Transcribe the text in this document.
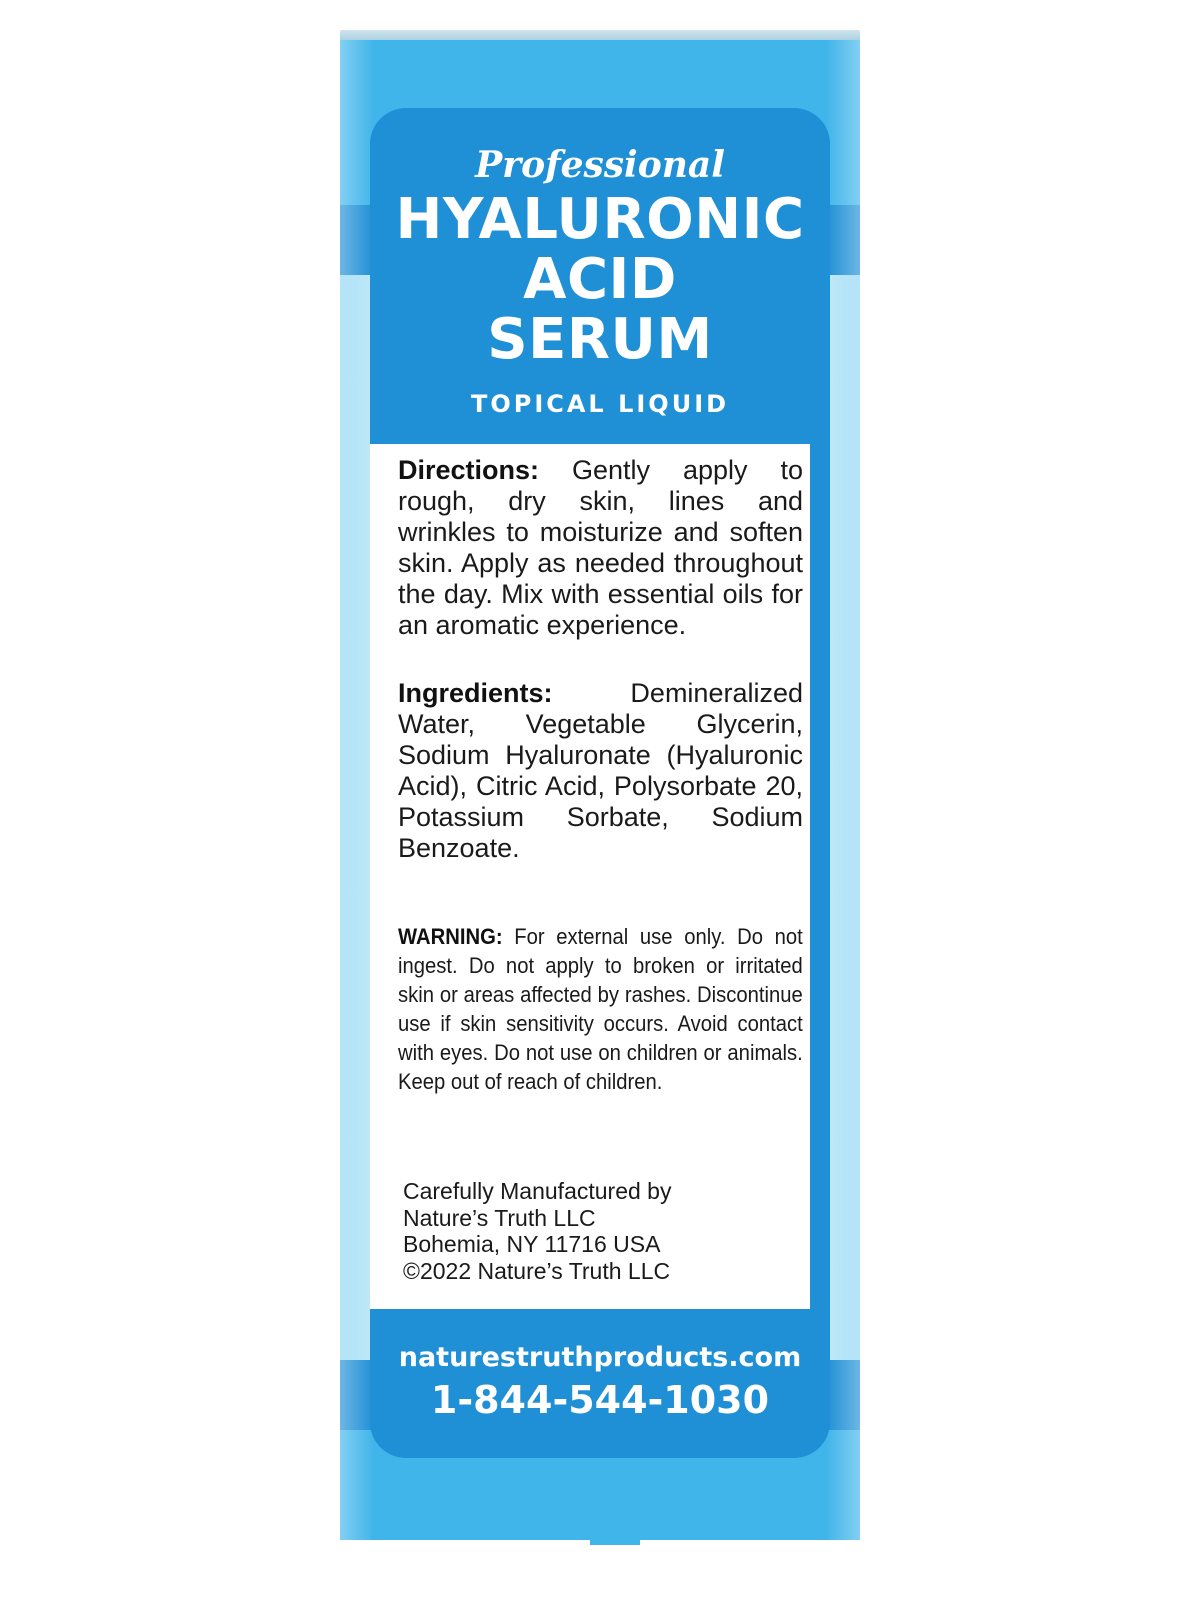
Professional
HYALURONIC
ACID
SERUM
TOPICAL LIQUID
Directions: Gently apply to rough, dry skin, lines and wrinkles to moisturize and soften skin. Apply as needed throughout the day. Mix with essential oils for an aromatic experience.
Ingredients: Demineralized Water, Vegetable Glycerin, Sodium Hyaluronate (Hyaluronic Acid), Citric Acid, Polysorbate 20, Potassium Sorbate, Sodium Benzoate.
WARNING: For external use only. Do not ingest. Do not apply to broken or irritated skin or areas affected by rashes. Discontinue use if skin sensitivity occurs. Avoid contact with eyes. Do not use on children or animals. Keep out of reach of children.
Carefully Manufactured by
Nature’s Truth LLC
Bohemia, NY 11716 USA
©2022 Nature’s Truth LLC
naturestruthproducts.com
1-844-544-1030
